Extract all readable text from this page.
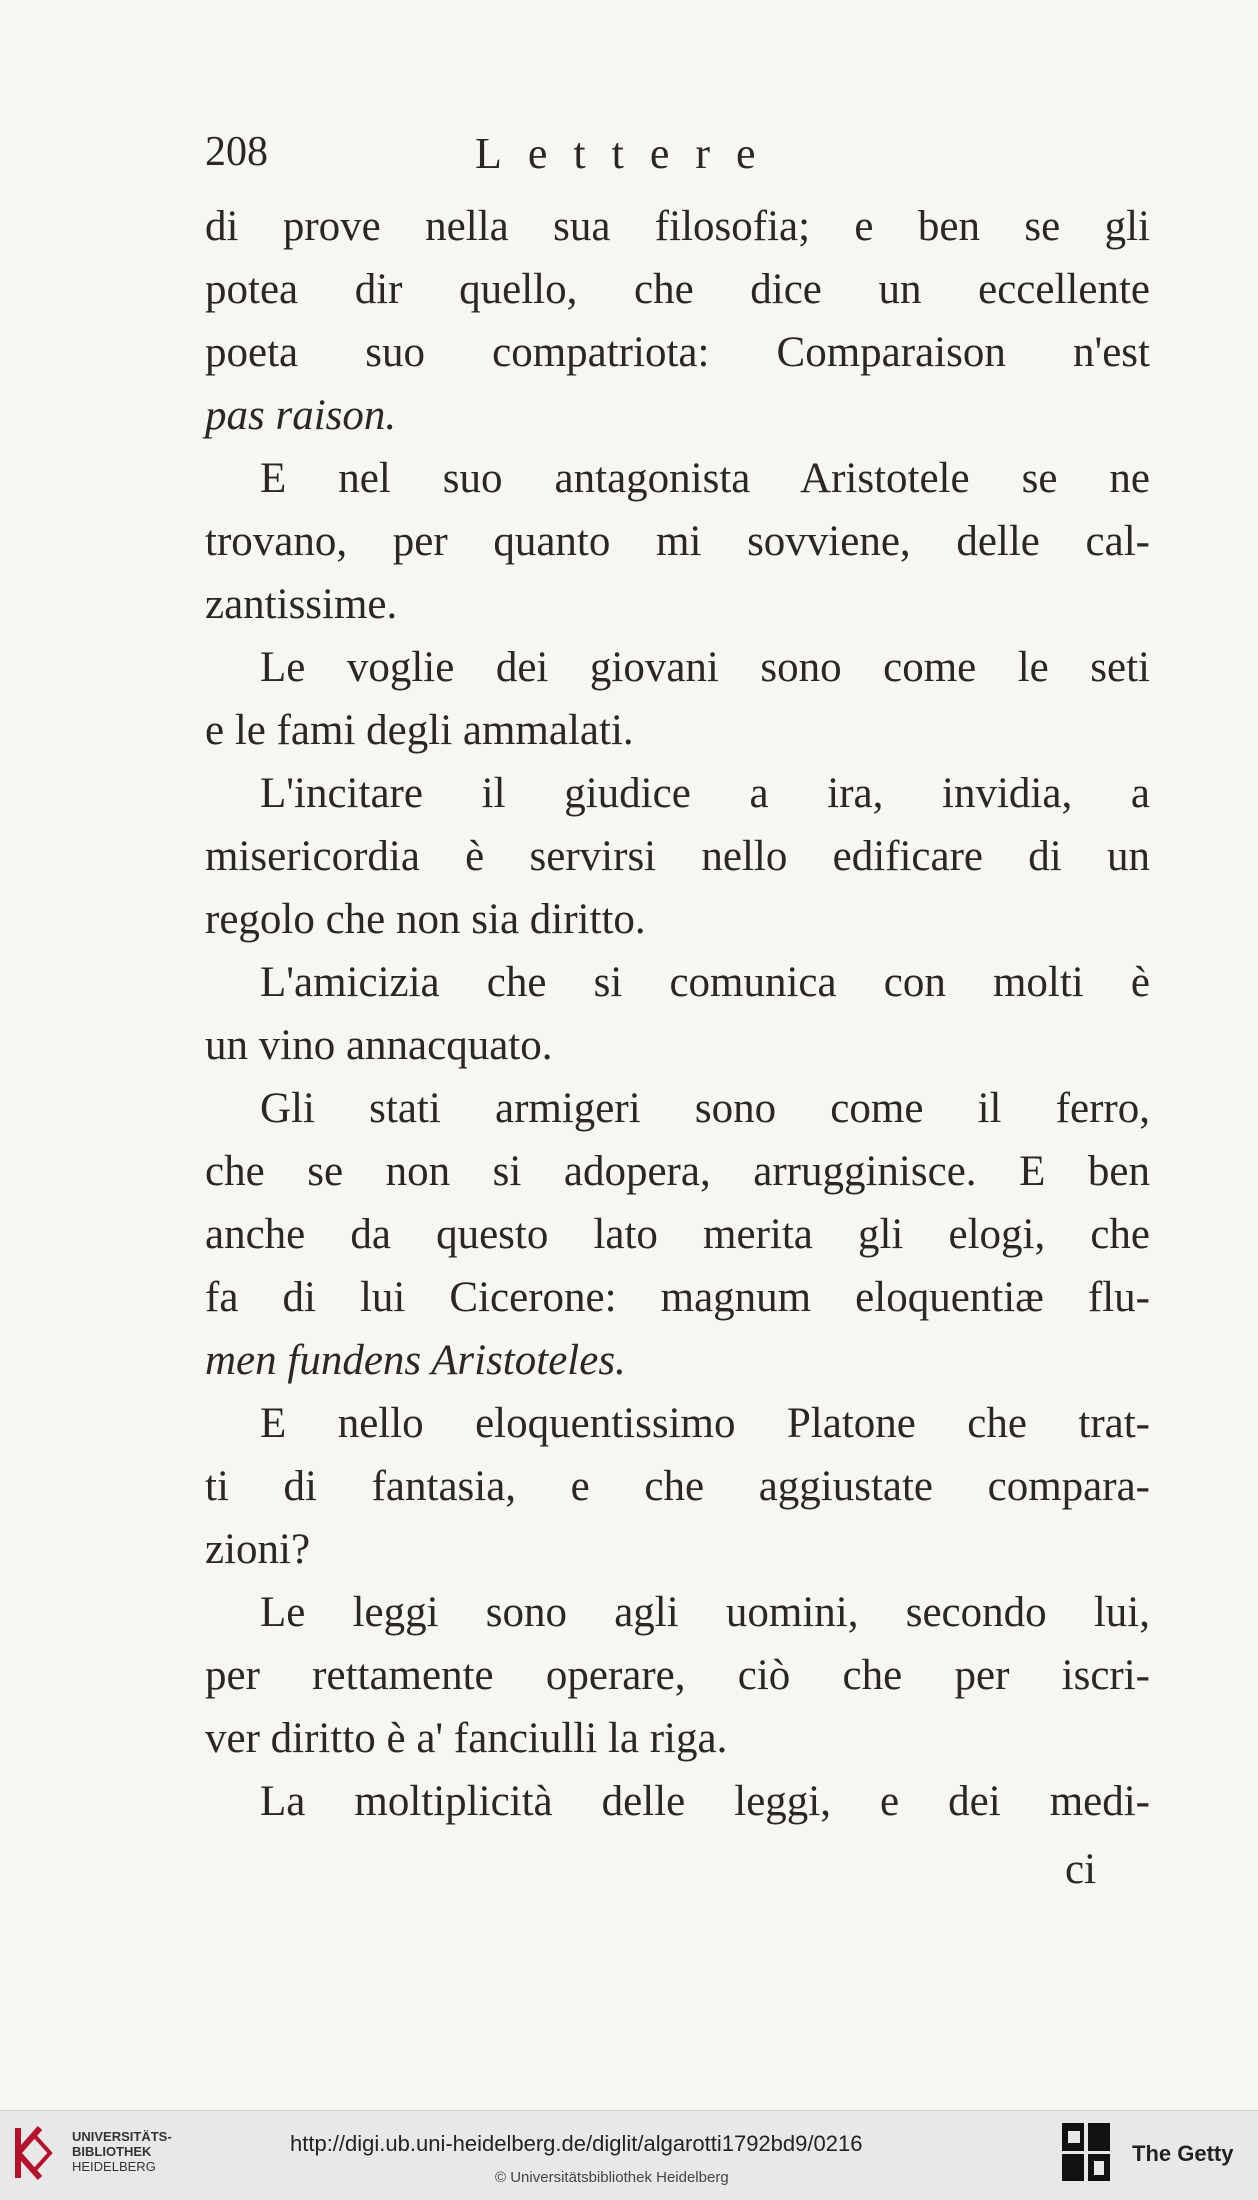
208	Lettere
di prove nella sua filosofia; e ben se gli
potea dir quello, che dice un eccellente
poeta suo compatriota: Comparaison n'est
pas raison.
E nel suo antagonista Aristotele se ne
trovano, per quanto mi sovviene, delle cal-
zantissime.
Le voglie dei giovani sono come le seti
e le fami degli ammalati.
L'incitare il giudice a ira, invidia, a
misericordia è servirsi nello edificare di un
regolo che non sia diritto.
L'amicizia che si comunica con molti è
un vino annacquato.
Gli stati armigeri sono come il ferro,
che se non si adopera, arrugginisce. E ben
anche da questo lato merita gli elogi, che
fa di lui Cicerone: magnum eloquentiæ flu-
men fundens Aristoteles.
E nello eloquentissimo Platone che trat-
ti di fantasia, e che aggiustate compara-
zioni?
Le leggi sono agli uomini, secondo lui,
per rettamente operare, ciò che per iscri-
ver diritto è a' fanciulli la riga.
La moltiplicità delle leggi, e dei medi-
ci
UNIVERSITÄTS-
BIBLIOTHEK
HEIDELBERG
http://digi.ub.uni-heidelberg.de/diglit/algarotti1792bd9/0216
© Universitätsbibliothek Heidelberg
The Getty
